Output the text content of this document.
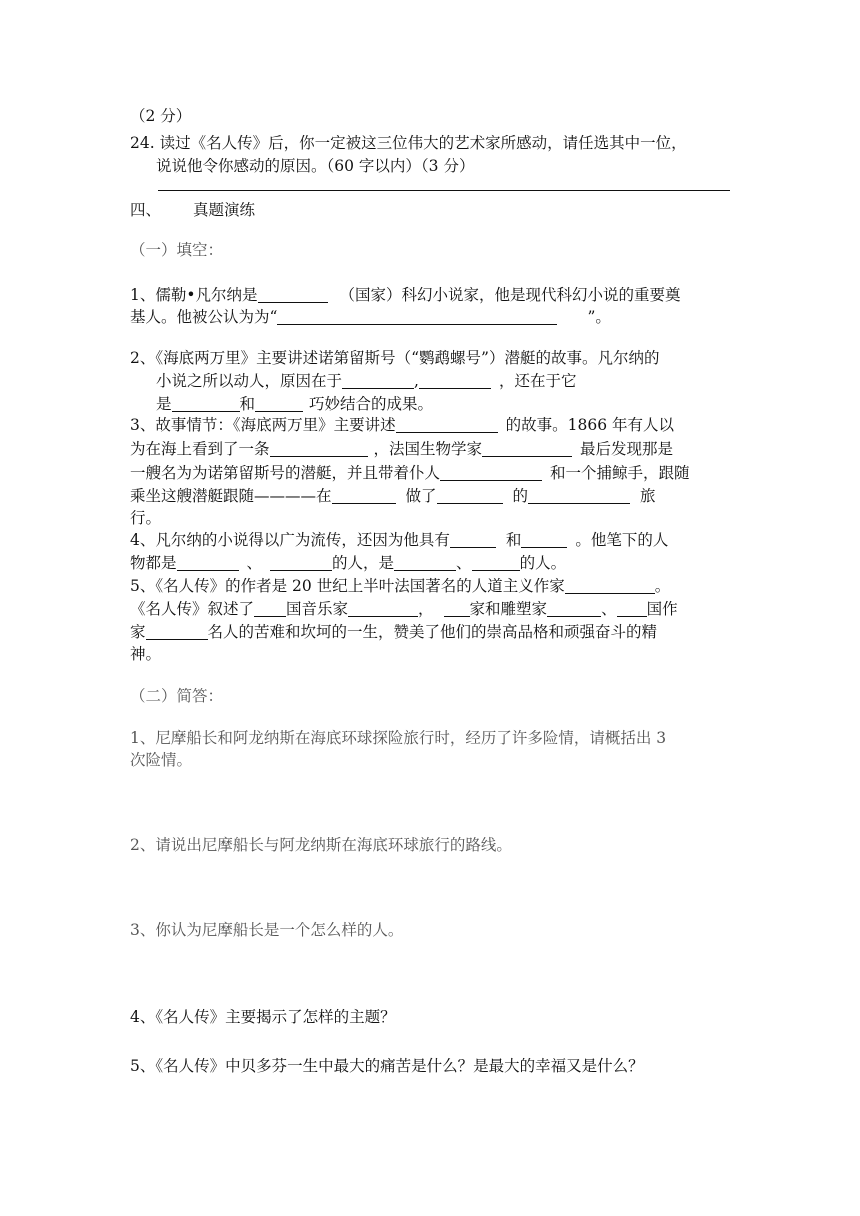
（2 分）
24. 读过《名人传》后，你一定被这三位伟大的艺术家所感动，请任选其中一位，
说说他令你感动的原因。（60 字以内）（3 分）
四、 真题演练
（一）填空：
1、儒勒•凡尔纳是	（国家）科幻小说家，他是现代科幻小说的重要奠
基人。他被公认为为“	”。
2、《海底两万里》主要讲述诺第留斯号（“鹦鹉螺号”）潜艇的故事。凡尔纳的
小说之所以动人，原因在于	,	，还在于它
是	和	巧妙结合的成果。
3、故事情节：《海底两万里》主要讲述	的故事。1866 年有人以
为在海上看到了一条	，法国生物学家	最后发现那是
一艘名为为诺第留斯号的潜艇，并且带着仆人	和一个捕鲸手，跟随
乘坐这艘潜艇跟随————在	做了	的	旅
行。
4、凡尔纳的小说得以广为流传，还因为他具有	和	。他笔下的人
物都是	、	的人，是	、	的人。
5、《名人传》的作者是 20 世纪上半叶法国著名的人道主义作家	。
《名人传》叙述了 国音乐家	， 家和雕塑家	、 国作
家	名人的苦难和坎坷的一生，赞美了他们的崇高品格和顽强奋斗的精
神。
（二）简答：
1、尼摩船长和阿龙纳斯在海底环球探险旅行时，经历了许多险情，请概括出 3
次险情。
2、请说出尼摩船长与阿龙纳斯在海底环球旅行的路线。
3、你认为尼摩船长是一个怎么样的人。
4、《名人传》主要揭示了怎样的主题？
5、《名人传》中贝多芬一生中最大的痛苦是什么？是最大的幸福又是什么？
